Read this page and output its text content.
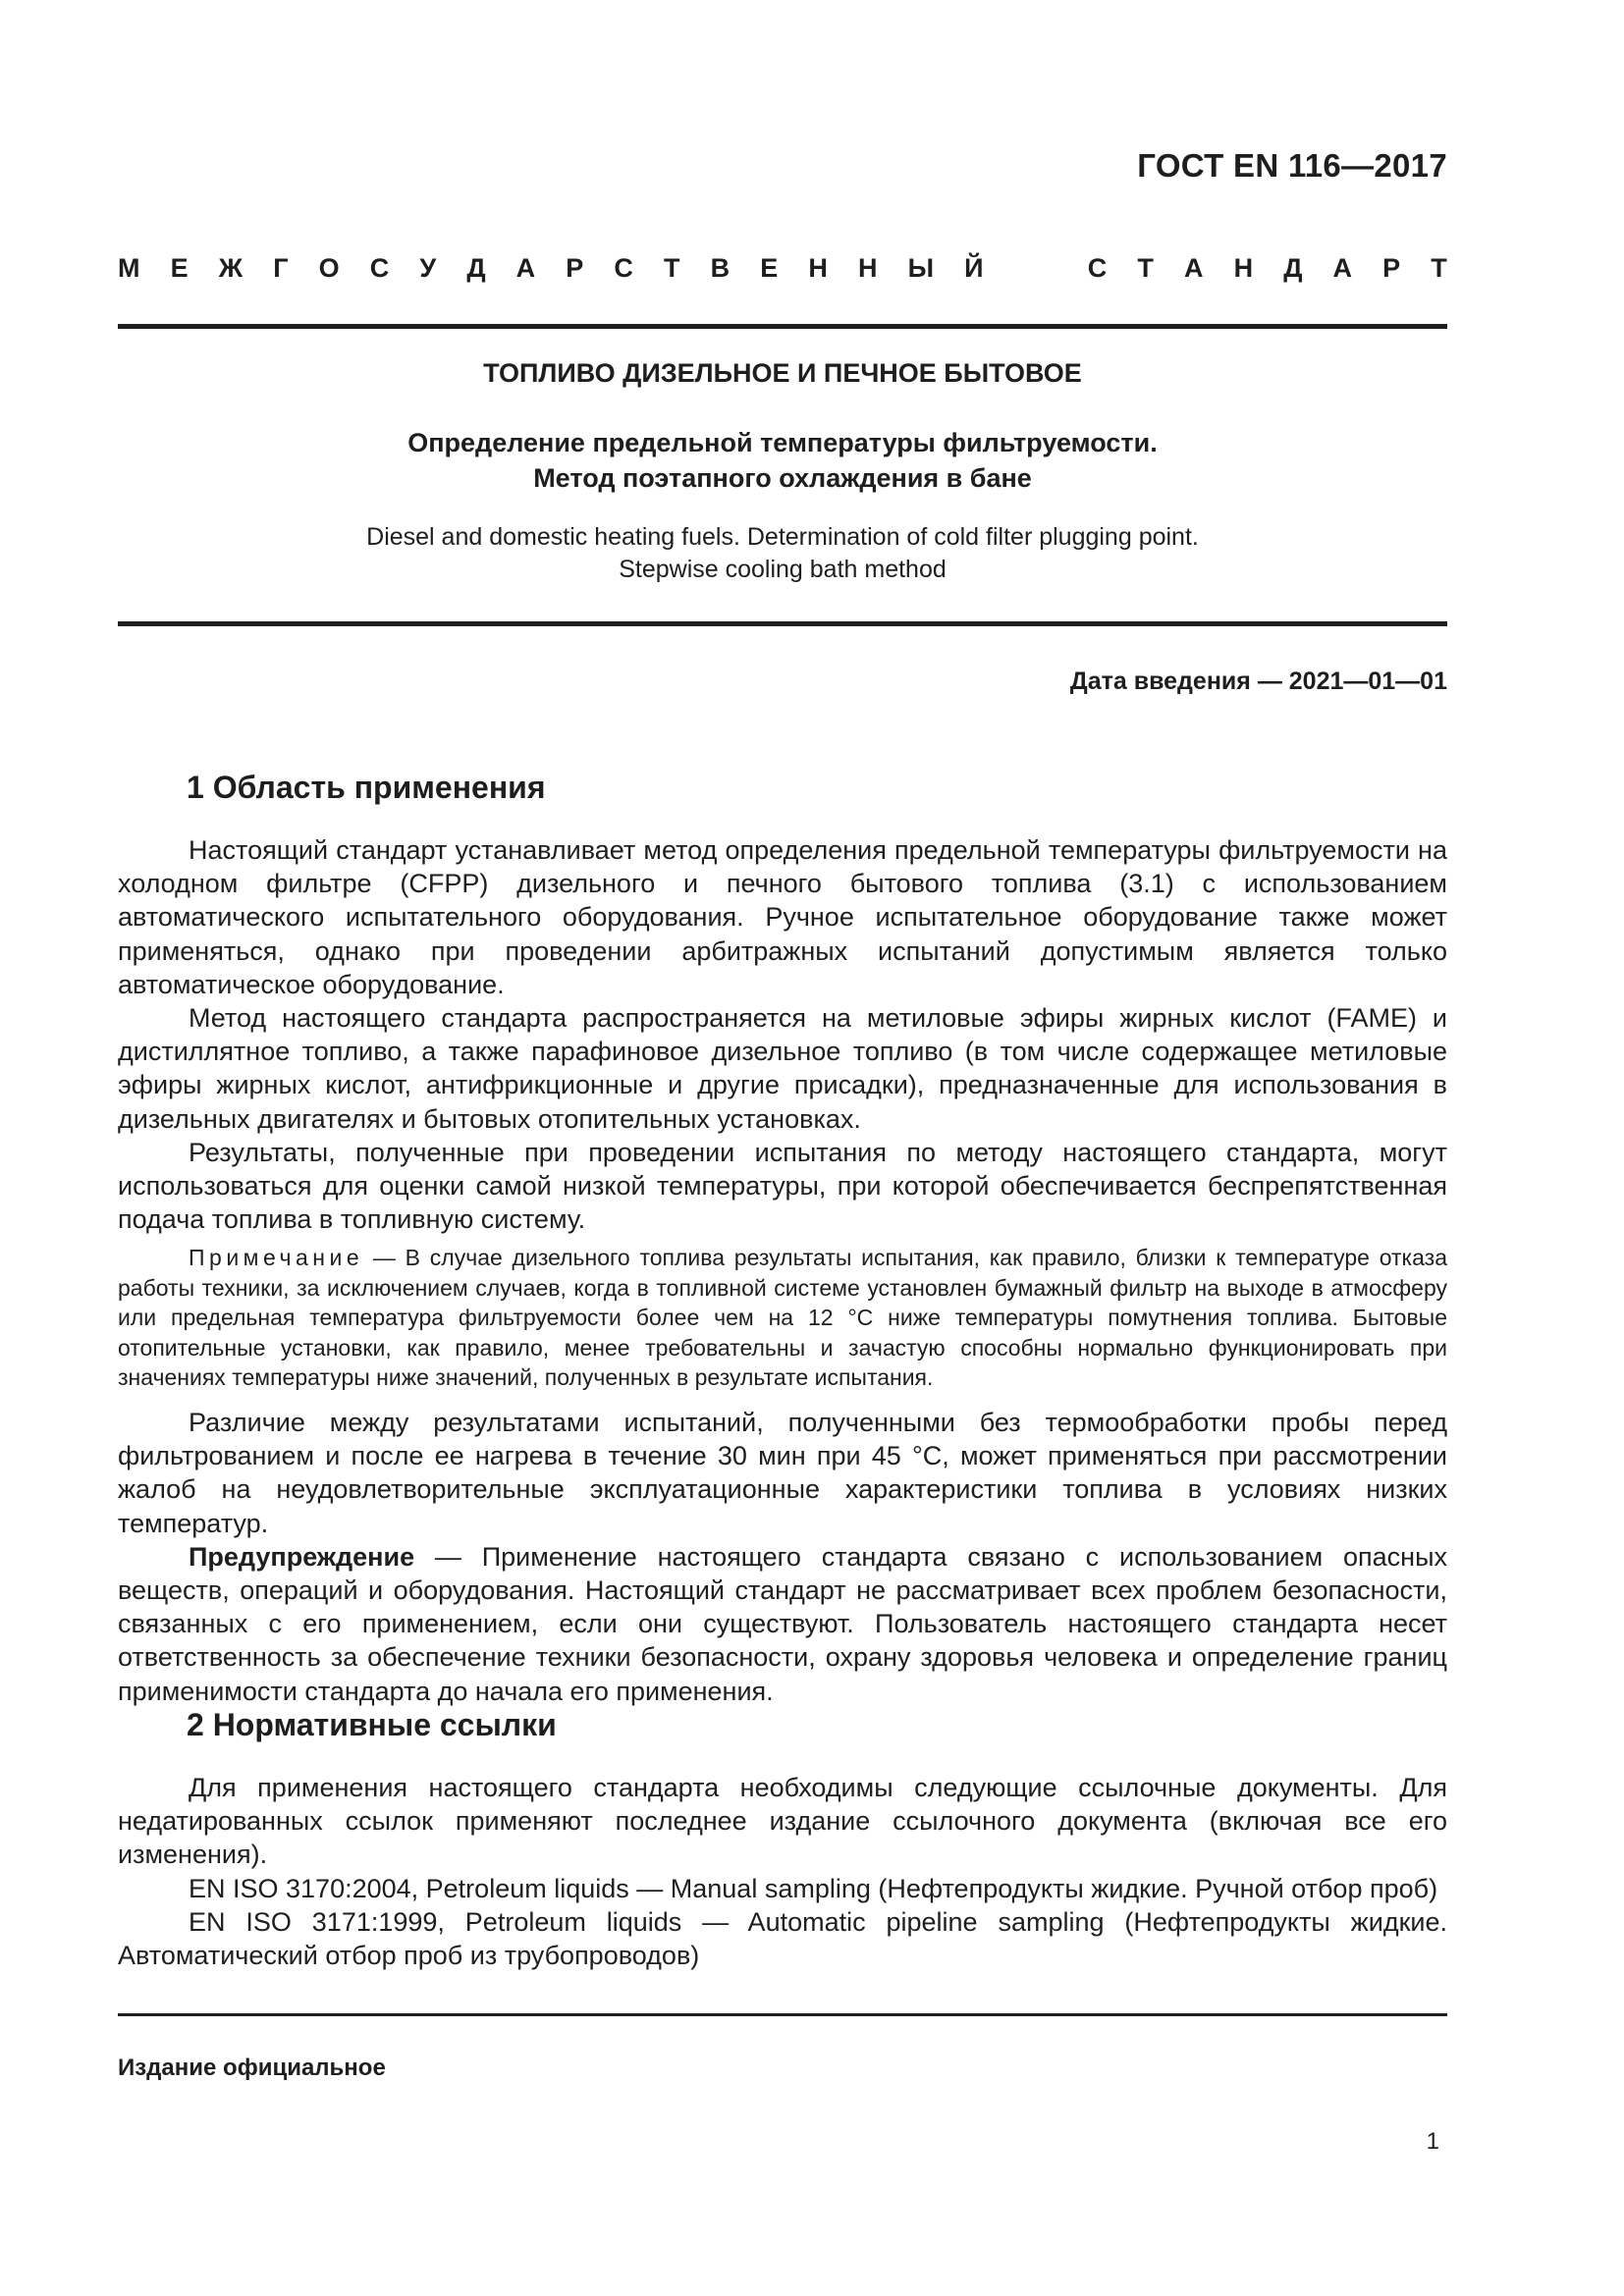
ГОСТ EN 116—2017
М Е Ж Г О С У Д А Р С Т В Е Н Н Ы Й	С Т А Н Д А Р Т
ТОПЛИВО ДИЗЕЛЬНОЕ И ПЕЧНОЕ БЫТОВОЕ
Определение предельной температуры фильтруемости.
Метод поэтапного охлаждения в бане
Diesel and domestic heating fuels. Determination of cold filter plugging point.
Stepwise cooling bath method
Дата введения — 2021—01—01
1 Область применения

Настоящий стандарт устанавливает метод определения предельной температуры фильтруемости на холодном фильтре (CFPP) дизельного и печного бытового топлива (3.1) с использованием автоматического испытательного оборудования. Ручное испытательное оборудование также может применяться, однако при проведении арбитражных испытаний допустимым является только автоматическое оборудование.

Метод настоящего стандарта распространяется на метиловые эфиры жирных кислот (FAME) и дистиллятное топливо, а также парафиновое дизельное топливо (в том числе содержащее метиловые эфиры жирных кислот, антифрикционные и другие присадки), предназначенные для использования в дизельных двигателях и бытовых отопительных установках.

Результаты, полученные при проведении испытания по методу настоящего стандарта, могут использоваться для оценки самой низкой температуры, при которой обеспечивается беспрепятственная подача топлива в топливную систему.

Примечание — В случае дизельного топлива результаты испытания, как правило, близки к температуре отказа работы техники, за исключением случаев, когда в топливной системе установлен бумажный фильтр на выходе в атмосферу или предельная температура фильтруемости более чем на 12 °С ниже температуры помутнения топлива. Бытовые отопительные установки, как правило, менее требовательны и зачастую способны нормально функционировать при значениях температуры ниже значений, полученных в результате испытания.

Различие между результатами испытаний, полученными без термообработки пробы перед фильтрованием и после ее нагрева в течение 30 мин при 45 °С, может применяться при рассмотрении жалоб на неудовлетворительные эксплуатационные характеристики топлива в условиях низких температур.

Предупреждение — Применение настоящего стандарта связано с использованием опасных веществ, операций и оборудования. Настоящий стандарт не рассматривает всех проблем безопасности, связанных с его применением, если они существуют. Пользователь настоящего стандарта несет ответственность за обеспечение техники безопасности, охрану здоровья человека и определение границ применимости стандарта до начала его применения.

2 Нормативные ссылки

Для применения настоящего стандарта необходимы следующие ссылочные документы. Для недатированных ссылок применяют последнее издание ссылочного документа (включая все его изменения).

EN ISO 3170:2004, Petroleum liquids — Manual sampling (Нефтепродукты жидкие. Ручной отбор проб)

EN ISO 3171:1999, Petroleum liquids — Automatic pipeline sampling (Нефтепродукты жидкие. Автоматический отбор проб из трубопроводов)

Издание официальное
1
